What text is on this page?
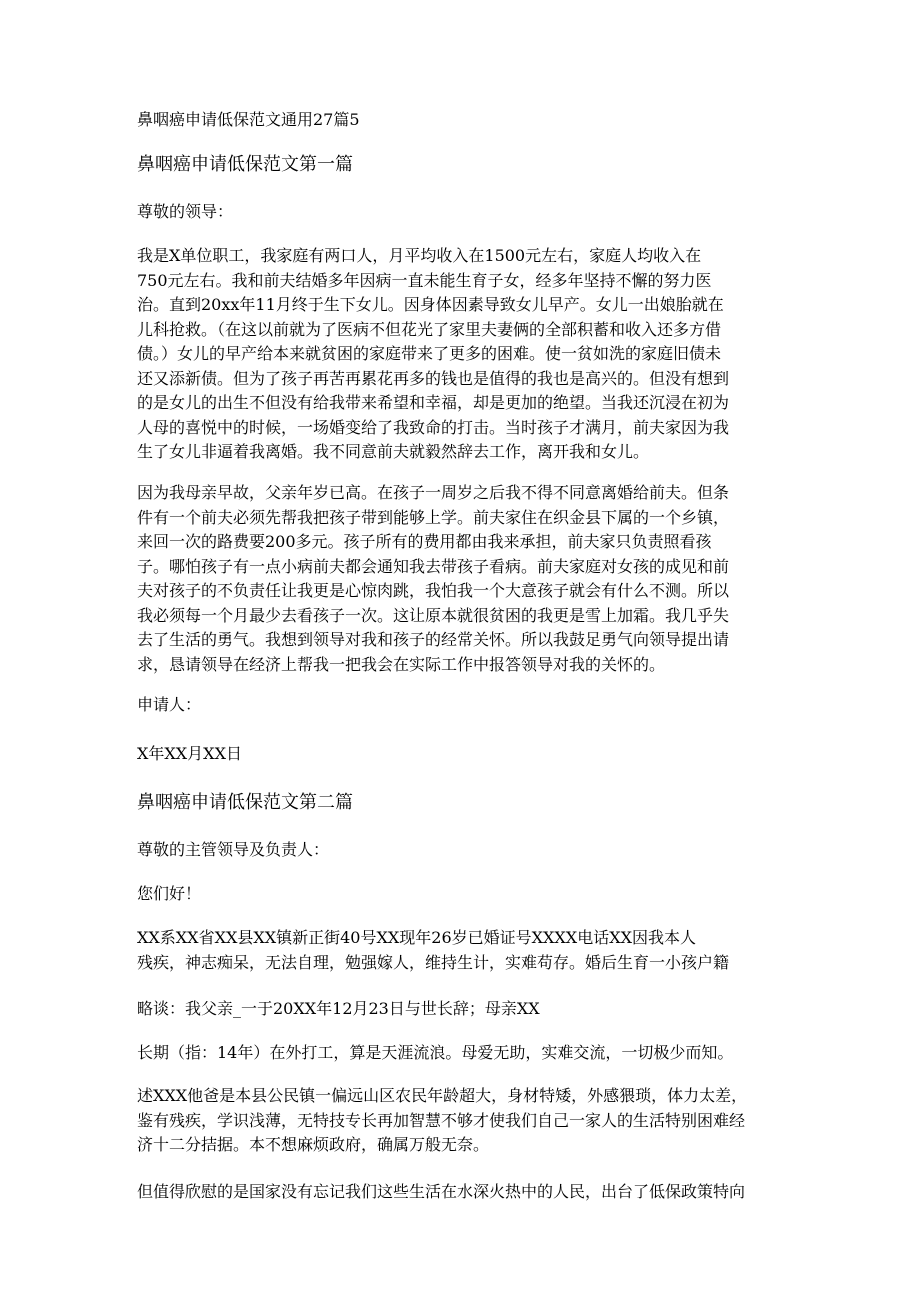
鼻咽癌申请低保范文通用27篇5
鼻咽癌申请低保范文第一篇
尊敬的领导：
我是X单位职工，我家庭有两口人，月平均收入在1500元左右，家庭人均收入在
750元左右。我和前夫结婚多年因病一直未能生育子女，经多年坚持不懈的努力医
治。直到20xx年11月终于生下女儿。因身体因素导致女儿早产。女儿一出娘胎就在
儿科抢救。（在这以前就为了医病不但花光了家里夫妻俩的全部积蓄和收入还多方借
债。）女儿的早产给本来就贫困的家庭带来了更多的困难。使一贫如洗的家庭旧债未
还又添新债。但为了孩子再苦再累花再多的钱也是值得的我也是高兴的。但没有想到
的是女儿的出生不但没有给我带来希望和幸福，却是更加的绝望。当我还沉浸在初为
人母的喜悦中的时候，一场婚变给了我致命的打击。当时孩子才满月，前夫家因为我
生了女儿非逼着我离婚。我不同意前夫就毅然辞去工作，离开我和女儿。
因为我母亲早故，父亲年岁已高。在孩子一周岁之后我不得不同意离婚给前夫。但条
件有一个前夫必须先帮我把孩子带到能够上学。前夫家住在织金县下属的一个乡镇，
来回一次的路费要200多元。孩子所有的费用都由我来承担，前夫家只负责照看孩
子。哪怕孩子有一点小病前夫都会通知我去带孩子看病。前夫家庭对女孩的成见和前
夫对孩子的不负责任让我更是心惊肉跳，我怕我一个大意孩子就会有什么不测。所以
我必须每一个月最少去看孩子一次。这让原本就很贫困的我更是雪上加霜。我几乎失
去了生活的勇气。我想到领导对我和孩子的经常关怀。所以我鼓足勇气向领导提出请
求，恳请领导在经济上帮我一把我会在实际工作中报答领导对我的关怀的。
申请人：
X年XX月XX日
鼻咽癌申请低保范文第二篇
尊敬的主管领导及负责人：
您们好！
XX系XX省XX县XX镇新正街40号XX现年26岁已婚证号XXXX电话XX因我本人
残疾，神志痴呆，无法自理，勉强嫁人，维持生计，实难苟存。婚后生育一小孩户籍
略谈：我父亲_一于20XX年12月23日与世长辞；母亲XX
长期（指：14年）在外打工，算是天涯流浪。母爱无助，实难交流，一切极少而知。
述XXX他爸是本县公民镇一偏远山区农民年龄超大，身材特矮，外感猥琐，体力太差，
鉴有残疾，学识浅薄，无特技专长再加智慧不够才使我们自己一家人的生活特别困难经
济十二分拮据。本不想麻烦政府，确属万般无奈。
但值得欣慰的是国家没有忘记我们这些生活在水深火热中的人民，出台了低保政策特向
